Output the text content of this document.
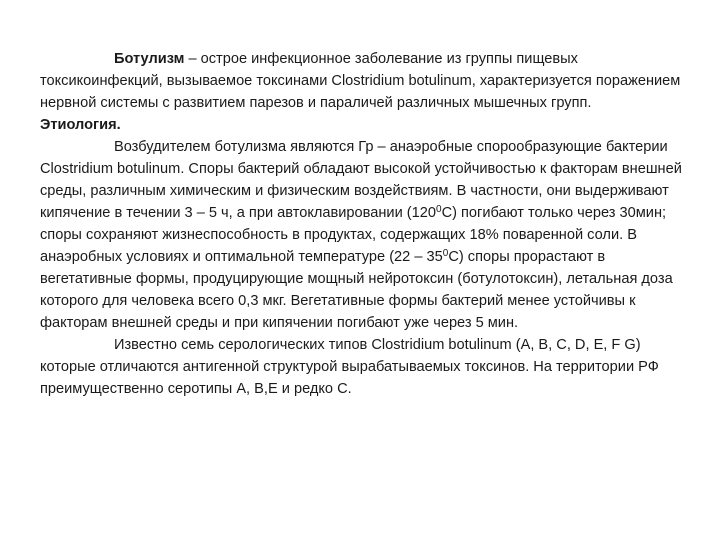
Ботулизм – острое инфекционное заболевание из группы пищевых токсикоинфекций, вызываемое токсинами Clostridium botulinum, характеризуется поражением нервной системы с развитием парезов и параличей различных мышечных групп.

Этиология.

Возбудителем ботулизма являются Гр – анаэробные спорообразующие бактерии Clostridium botulinum. Споры бактерий обладают высокой устойчивостью к факторам внешней среды, различным химическим и физическим воздействиям. В частности, они выдерживают кипячение в течении 3 – 5 ч, а при автоклавировании $(120^0С)$ погибают только через 30мин; споры сохраняют жизнеспособность в продуктах, содержащих 18% поваренной соли. В анаэробных условиях и оптимальной температуре $(22 - 35^0С)$ споры прорастают в вегетативные формы, продуцирующие мощный нейротоксин (ботулотоксин), летальная доза которого для человека всего 0,3 мкг. Вегетативные формы бактерий менее устойчивы к факторам внешней среды и при кипячении погибают уже через 5 мин.

Известно семь серологических типов Clostridium botulinum (A, B, C, D, E, F G) которые отличаются антигенной структурой вырабатываемых токсинов. На территории РФ преимущественно серотипы A, B,E и редко С.
